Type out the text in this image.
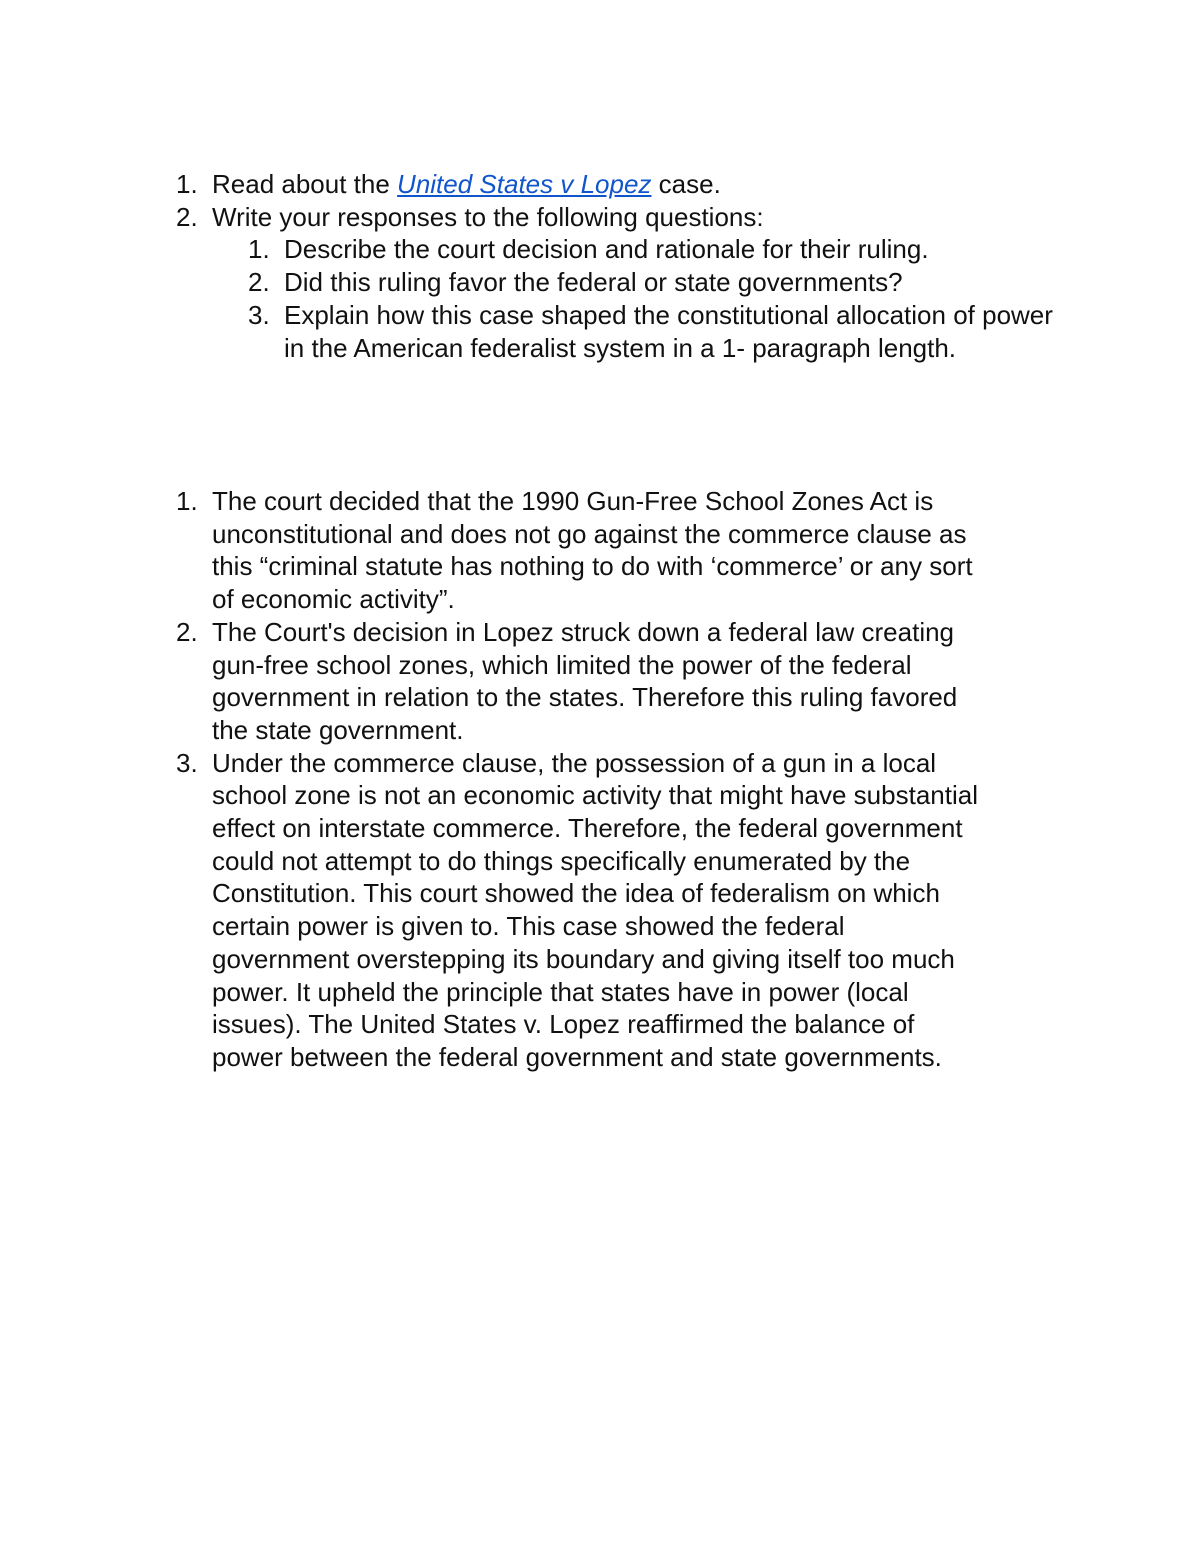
1. Read about the United States v Lopez case.
2. Write your responses to the following questions:
1. Describe the court decision and rationale for their ruling.
2. Did this ruling favor the federal or state governments?
3. Explain how this case shaped the constitutional allocation of power in the American federalist system in a 1- paragraph length.
1. The court decided that the 1990 Gun-Free School Zones Act is
unconstitutional and does not go against the commerce clause as
this “criminal statute has nothing to do with ‘commerce’ or any sort
of economic activity”.
2. The Court's decision in Lopez struck down a federal law creating
gun-free school zones, which limited the power of the federal
government in relation to the states. Therefore this ruling favored
the state government.
3. Under the commerce clause, the possession of a gun in a local
school zone is not an economic activity that might have substantial
effect on interstate commerce. Therefore, the federal government
could not attempt to do things specifically enumerated by the
Constitution. This court showed the idea of federalism on which
certain power is given to. This case showed the federal
government overstepping its boundary and giving itself too much
power. It upheld the principle that states have in power (local
issues). The United States v. Lopez reaffirmed the balance of
power between the federal government and state governments.
